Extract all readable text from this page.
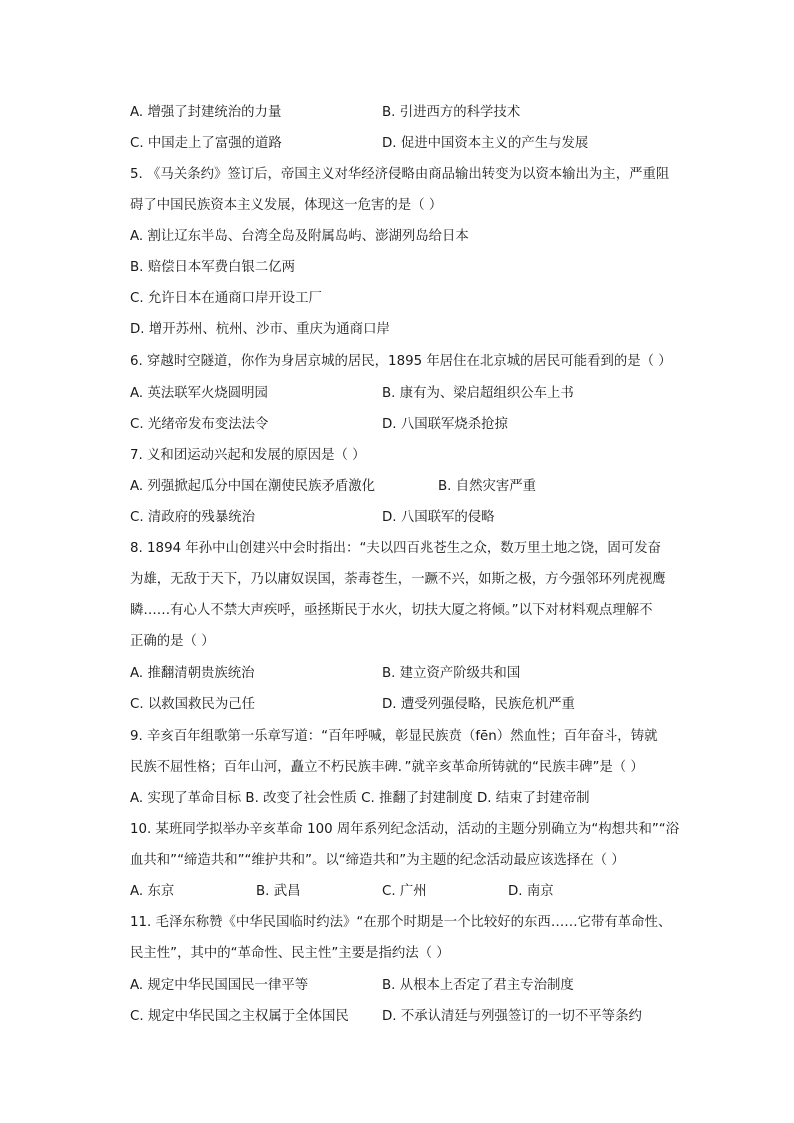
A. 增强了封建统治的力量	B. 引进西方的科学技术
C. 中国走上了富强的道路	D. 促进中国资本主义的产生与发展
5. 《马关条约》签订后，帝国主义对华经济侵略由商品输出转变为以资本输出为主，严重阻
碍了中国民族资本主义发展，体现这一危害的是（ ）
A. 割让辽东半岛、台湾全岛及附属岛屿、澎湖列岛给日本
B. 赔偿日本军费白银二亿两
C. 允许日本在通商口岸开设工厂
D. 增开苏州、杭州、沙市、重庆为通商口岸
6. 穿越时空隧道，你作为身居京城的居民，1895 年居住在北京城的居民可能看到的是（ ）
A. 英法联军火烧圆明园	B. 康有为、梁启超组织公车上书
C. 光绪帝发布变法法令	D. 八国联军烧杀抢掠
7. 义和团运动兴起和发展的原因是（ ）
A. 列强掀起瓜分中国在潮使民族矛盾激化	B. 自然灾害严重
C. 清政府的残暴统治	D. 八国联军的侵略
8. 1894 年孙中山创建兴中会时指出：“夫以四百兆苍生之众，数万里土地之饶，固可发奋
为雄，无敌于天下，乃以庸奴误国，荼毒苍生，一蹶不兴，如斯之极，方今强邻环列虎视鹰
瞵……有心人不禁大声疾呼，亟拯斯民于水火，切扶大厦之将倾。”以下对材料观点理解不
正确的是（ ）
A. 推翻清朝贵族统治	B. 建立资产阶级共和国
C. 以救国救民为己任	D. 遭受列强侵略，民族危机严重
9. 辛亥百年组歌第一乐章写道：“百年呼喊，彰显民族贲（fēn）然血性；百年奋斗，铸就
民族不屈性格；百年山河，矗立不朽民族丰碑．”就辛亥革命所铸就的“民族丰碑”是（ ）
A. 实现了革命目标 B. 改变了社会性质 C. 推翻了封建制度 D. 结束了封建帝制
10. 某班同学拟举办辛亥革命 100 周年系列纪念活动，活动的主题分别确立为“构想共和”“浴
血共和”“缔造共和”“维护共和”。以“缔造共和”为主题的纪念活动最应该选择在（ ）
A. 东京	B. 武昌	C. 广州	D. 南京
11. 毛泽东称赞《中华民国临时约法》“在那个时期是一个比较好的东西……它带有革命性、
民主性”，其中的“革命性、民主性”主要是指约法（ ）
A. 规定中华民国国民一律平等	B. 从根本上否定了君主专治制度
C. 规定中华民国之主权属于全体国民 D. 不承认清廷与列强签订的一切不平等条约
